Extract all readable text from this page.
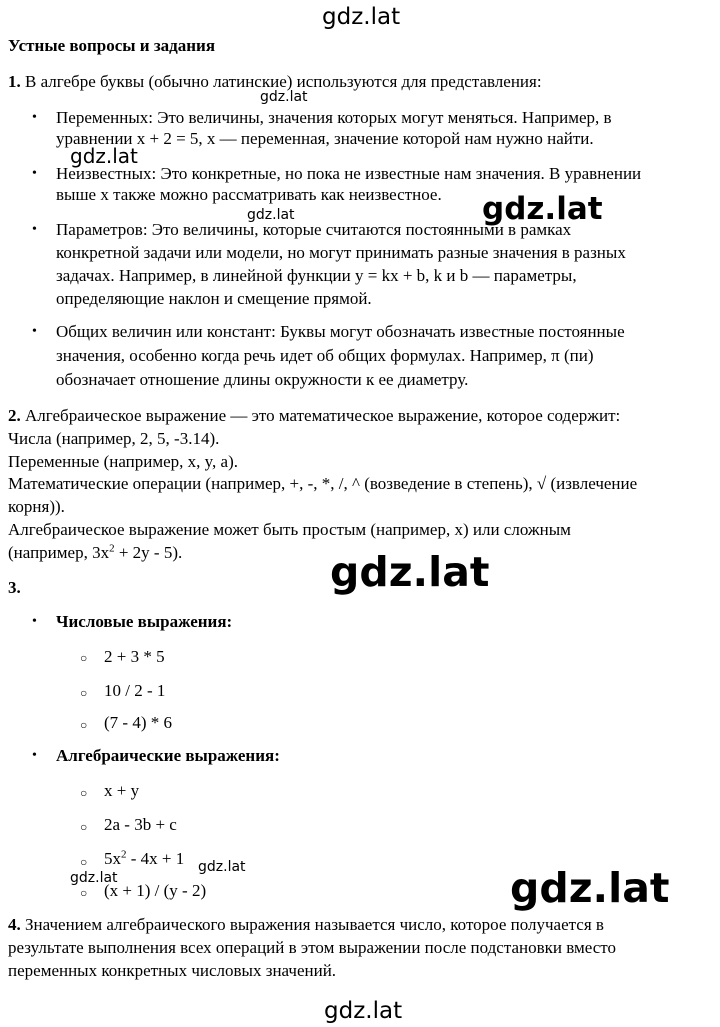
gdz.lat
gdz.lat
gdz.lat
gdz.lat
gdz.lat
gdz.lat
gdz.lat
gdz.lat	gdz.lat
gdz.lat
Устные вопросы и задания
1. В алгебре буквы (обычно латинские) используются для представления:
• Переменных: Это величины, значения которых могут меняться. Например, в
уравнении x + 2 = 5, x — переменная, значение которой нам нужно найти.
• Неизвестных: Это конкретные, но пока не известные нам значения. В уравнении
выше x также можно рассматривать как неизвестное.
• Параметров: Это величины, которые считаются постоянными в рамках
конкретной задачи или модели, но могут принимать разные значения в разных
задачах. Например, в линейной функции y = kx + b, k и b — параметры,
определяющие наклон и смещение прямой.
• Общих величин или констант: Буквы могут обозначать известные постоянные
значения, особенно когда речь идет об общих формулах. Например, π (пи)
обозначает отношение длины окружности к ее диаметру.
2. Алгебраическое выражение — это математическое выражение, которое содержит:
Числа (например, 2, 5, -3.14).
Переменные (например, x, y, a).
Математические операции (например, +, -, *, /, ^ (возведение в степень), √ (извлечение
корня)).
Алгебраическое выражение может быть простым (например, x) или сложным
(например, $3x^2 + 2y - 5$).
3.
• Числовые выражения:
○ 2 + 3 * 5
○ 10 / 2 - 1
○ (7 - 4) * 6
• Алгебраические выражения:
○ x + y
○ 2a - 3b + c
○ $5x^2 - 4x + 1$
○ (x + 1) / (y - 2)
4. Значением алгебраического выражения называется число, которое получается в
результате выполнения всех операций в этом выражении после подстановки вместо
переменных конкретных числовых значений.
